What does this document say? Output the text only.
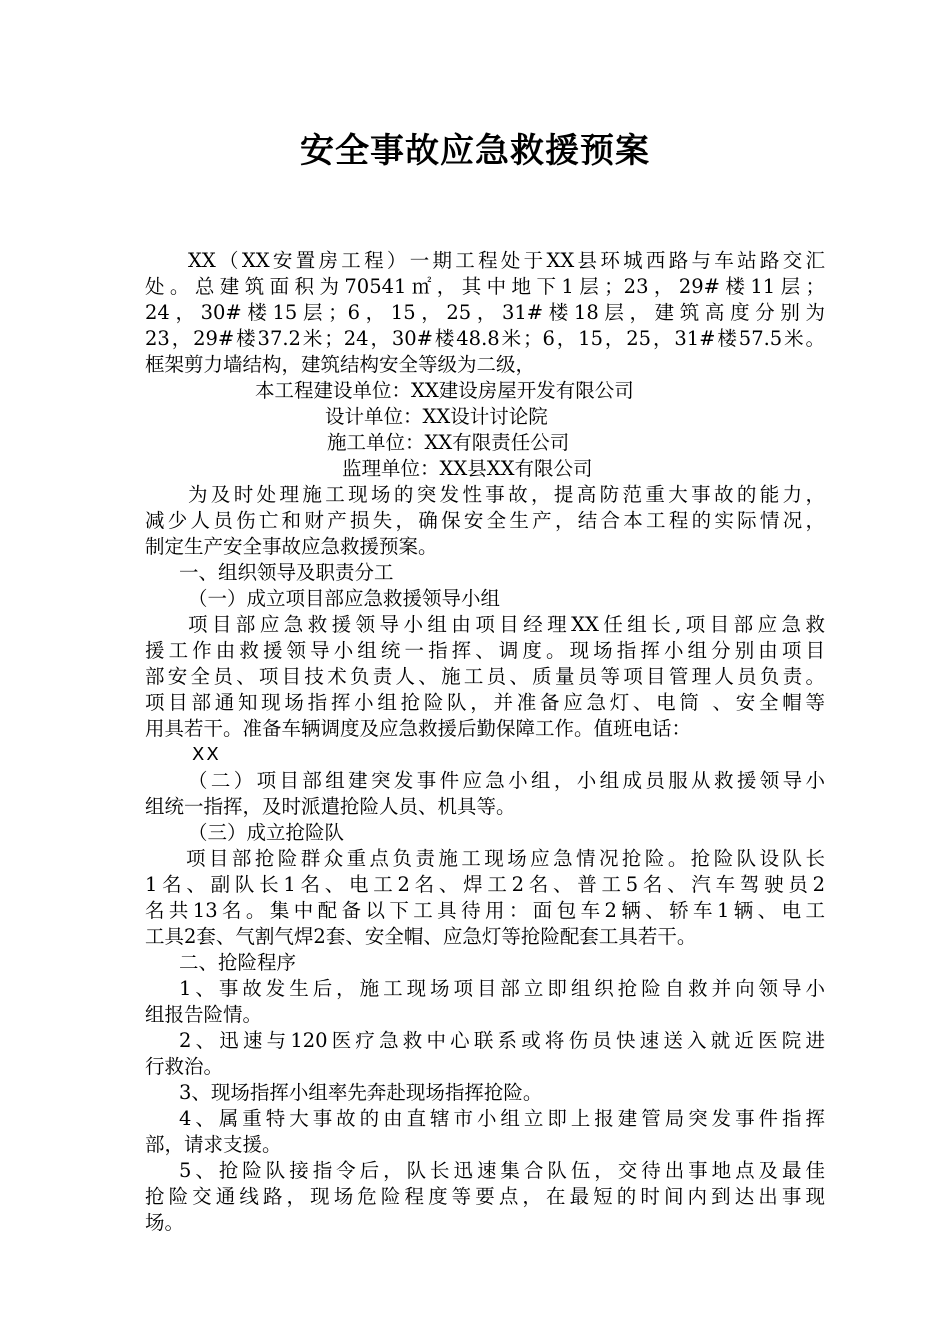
安全事故应急救援预案
XX（XX安置房工程）一期工程处于XX县环城西路与车站路交汇
处。总建筑面积为70541㎡，其中地下1层；23，29#楼11层；
24，30#楼15层；6，15，25，31#楼18层，建筑高度分别为
23，29#楼37.2米；24，30#楼48.8米；6，15，25，31#楼57.5米。
框架剪力墙结构，建筑结构安全等级为二级，
本工程建设单位：XX建设房屋开发有限公司
设计单位：XX设计讨论院
施工单位：XX有限责任公司
监理单位：XX县XX有限公司
为及时处理施工现场的突发性事故，提高防范重大事故的能力，
减少人员伤亡和财产损失，确保安全生产，结合本工程的实际情况，
制定生产安全事故应急救援预案。
一、组织领导及职责分工
（一）成立项目部应急救援领导小组
项目部应急救援领导小组由项目经理XX任组长,项目部应急救
援工作由救援领导小组统一指挥、调度。现场指挥小组分别由项目
部安全员、项目技术负责人、施工员、质量员等项目管理人员负责。
项目部通知现场指挥小组抢险队，并准备应急灯、电筒 、安全帽等
用具若干。准备车辆调度及应急救援后勤保障工作。值班电话：
XX
（二）项目部组建突发事件应急小组，小组成员服从救援领导小
组统一指挥，及时派遣抢险人员、机具等。
（三）成立抢险队
项目部抢险群众重点负责施工现场应急情况抢险。抢险队设队长
1名、副队长1名、电工2名、焊工2名、普工5名、汽车驾驶员2
名共13名。集中配备以下工具待用：面包车2辆、轿车1辆、电工
工具2套、气割气焊2套、安全帽、应急灯等抢险配套工具若干。
二、抢险程序
1、事故发生后，施工现场项目部立即组织抢险自救并向领导小
组报告险情。
2、迅速与120医疗急救中心联系或将伤员快速送入就近医院进
行救治。
3、现场指挥小组率先奔赴现场指挥抢险。
4、属重特大事故的由直辖市小组立即上报建管局突发事件指挥
部，请求支援。
5、抢险队接指令后，队长迅速集合队伍，交待出事地点及最佳
抢险交通线路，现场危险程度等要点，在最短的时间内到达出事现
场。
